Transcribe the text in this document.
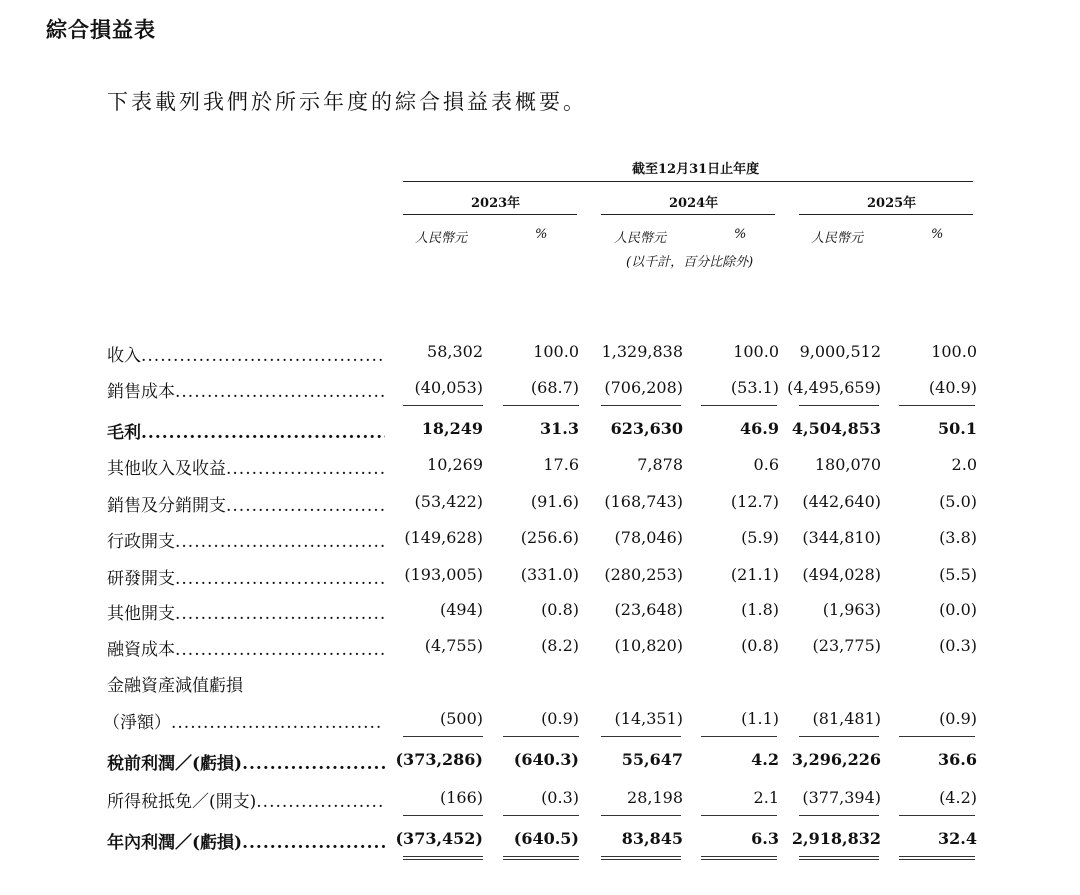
綜合損益表
下表載列我們於所示年度的綜合損益表概要。
截至12月31日止年度
2023年	2024年	2025年
人民幣元	%	人民幣元	%	人民幣元	%
(以千計，百分比除外)
收入 .....	58,302	100.0 1,329,838	100.0 9,000,512	100.0
銷售成本 .....	(40,053)	(68.7) (706,208)	(53.1) (4,495,659)	(40.9)
毛利 .....	18,249	31.3 623,630	46.9 4,504,853	50.1
其他收入及收益 .....	10,269	17.6	7,878	0.6 180,070	2.0
銷售及分銷開支 .....	(53,422)	(91.6) (168,743)	(12.7) (442,640)	(5.0)
行政開支 .....	(149,628) (256.6) (78,046)	(5.9) (344,810)	(3.8)
研發開支 .....	(193,005) (331.0) (280,253)	(21.1) (494,028)	(5.5)
其他開支 .....	(494)	(0.8) (23,648)	(1.8)	(1,963)	(0.0)
融資成本 .....	(4,755)	(8.2) (10,820)	(0.8) (23,775)	(0.3)
金融資產減值虧損
（淨額） .....	(500)	(0.9) (14,351)	(1.1) (81,481)	(0.9)
稅前利潤／(虧損) .....	(373,286) (640.3)	55,647	4.2 3,296,226	36.6
所得稅抵免／(開支) .....	(166)	(0.3)	28,198	2.1 (377,394)	(4.2)
年內利潤／(虧損) .....	(373,452) (640.5)	83,845	6.3 2,918,832	32.4
